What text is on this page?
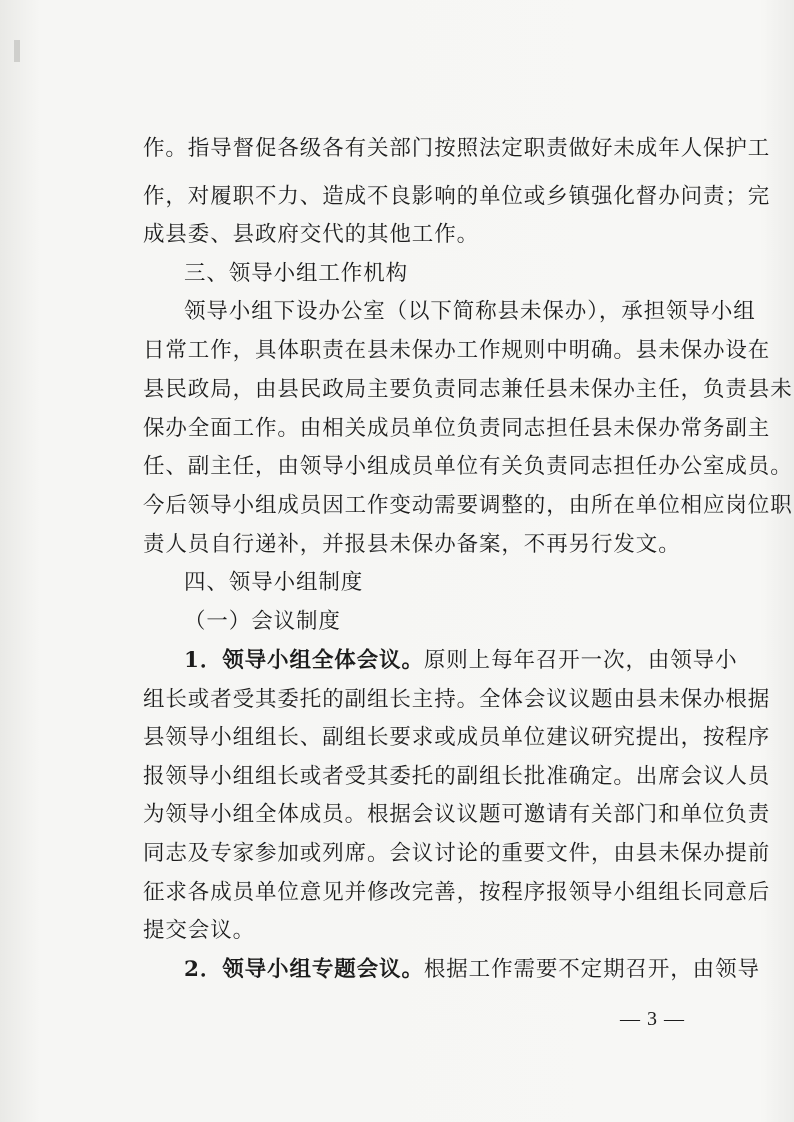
作。指导督促各级各有关部门按照法定职责做好未成年人保护工
作，对履职不力、造成不良影响的单位或乡镇强化督办问责；完
成县委、县政府交代的其他工作。
三、领导小组工作机构
领导小组下设办公室（以下简称县未保办），承担领导小组
日常工作，具体职责在县未保办工作规则中明确。县未保办设在
县民政局，由县民政局主要负责同志兼任县未保办主任，负责县未
保办全面工作。由相关成员单位负责同志担任县未保办常务副主
任、副主任，由领导小组成员单位有关负责同志担任办公室成员。
今后领导小组成员因工作变动需要调整的，由所在单位相应岗位职
责人员自行递补，并报县未保办备案，不再另行发文。
四、领导小组制度
（一）会议制度
1．领导小组全体会议。原则上每年召开一次，由领导小
组长或者受其委托的副组长主持。全体会议议题由县未保办根据
县领导小组组长、副组长要求或成员单位建议研究提出，按程序
报领导小组组长或者受其委托的副组长批准确定。出席会议人员
为领导小组全体成员。根据会议议题可邀请有关部门和单位负责
同志及专家参加或列席。会议讨论的重要文件，由县未保办提前
征求各成员单位意见并修改完善，按程序报领导小组组长同意后
提交会议。
2．领导小组专题会议。根据工作需要不定期召开，由领导
— 3 —
